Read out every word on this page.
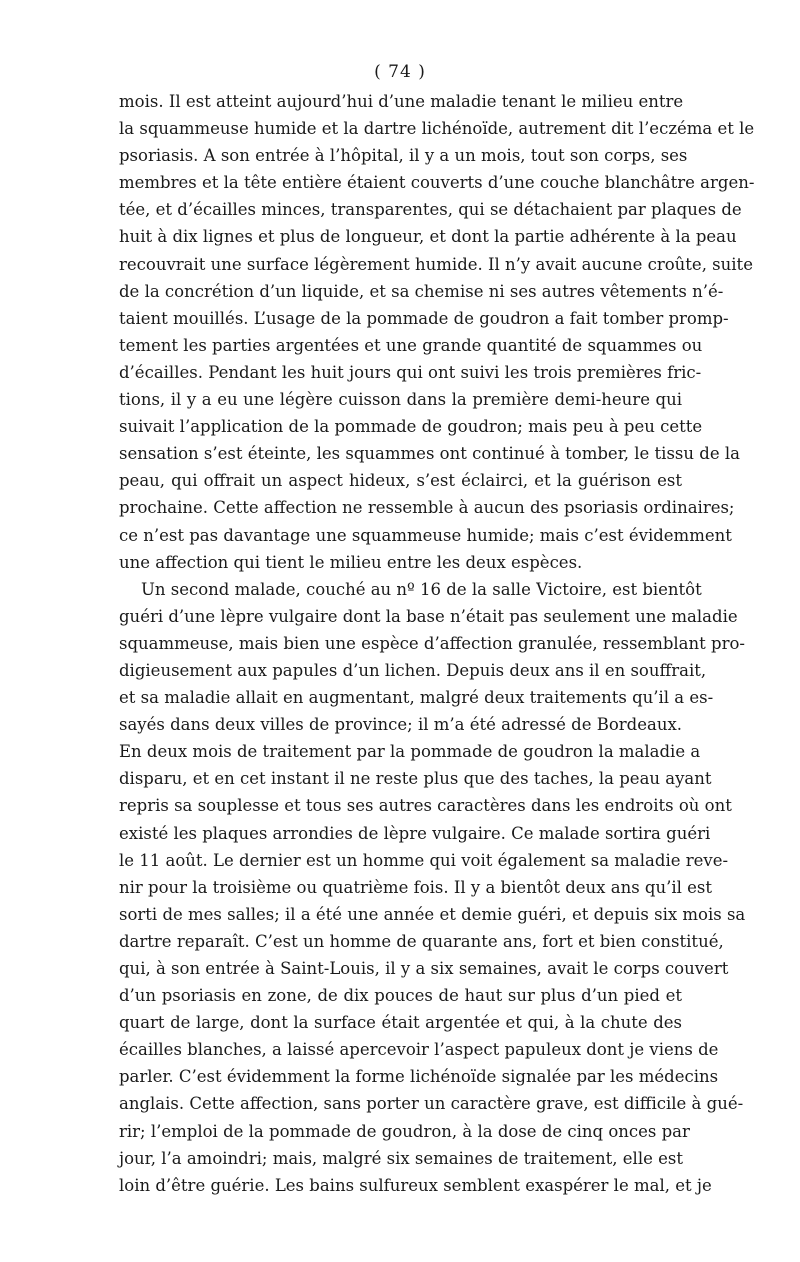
( 74 )
mois. Il est atteint aujourd’hui d’une maladie tenant le milieu entre
la squammeuse humide et la dartre lichénoïde, autrement dit l’eczéma et le
psoriasis. A son entrée à l’hôpital, il y a un mois, tout son corps, ses
membres et la tête entière étaient couverts d’une couche blanchâtre argen-
tée, et d’écailles minces, transparentes, qui se détachaient par plaques de
huit à dix lignes et plus de longueur, et dont la partie adhérente à la peau
recouvrait une surface légèrement humide. Il n’y avait aucune croûte, suite
de la concrétion d’un liquide, et sa chemise ni ses autres vêtements n’é-
taient mouillés. L’usage de la pommade de goudron a fait tomber promp-
tement les parties argentées et une grande quantité de squammes ou
d’écailles. Pendant les huit jours qui ont suivi les trois premières fric-
tions, il y a eu une légère cuisson dans la première demi-heure qui
suivait l’application de la pommade de goudron; mais peu à peu cette
sensation s’est éteinte, les squammes ont continué à tomber, le tissu de la
peau, qui offrait un aspect hideux, s’est éclairci, et la guérison est
prochaine. Cette affection ne ressemble à aucun des psoriasis ordinaires;
ce n’est pas davantage une squammeuse humide; mais c’est évidemment
une affection qui tient le milieu entre les deux espèces.
Un second malade, couché au nº 16 de la salle Victoire, est bientôt
guéri d’une lèpre vulgaire dont la base n’était pas seulement une maladie
squammeuse, mais bien une espèce d’affection granulée, ressemblant pro-
digieusement aux papules d’un lichen. Depuis deux ans il en souffrait,
et sa maladie allait en augmentant, malgré deux traitements qu’il a es-
sayés dans deux villes de province; il m’a été adressé de Bordeaux.
En deux mois de traitement par la pommade de goudron la maladie a
disparu, et en cet instant il ne reste plus que des taches, la peau ayant
repris sa souplesse et tous ses autres caractères dans les endroits où ont
existé les plaques arrondies de lèpre vulgaire. Ce malade sortira guéri
le 11 août. Le dernier est un homme qui voit également sa maladie reve-
nir pour la troisième ou quatrième fois. Il y a bientôt deux ans qu’il est
sorti de mes salles; il a été une année et demie guéri, et depuis six mois sa
dartre reparaît. C’est un homme de quarante ans, fort et bien constitué,
qui, à son entrée à Saint-Louis, il y a six semaines, avait le corps couvert
d’un psoriasis en zone, de dix pouces de haut sur plus d’un pied et
quart de large, dont la surface était argentée et qui, à la chute des
écailles blanches, a laissé apercevoir l’aspect papuleux dont je viens de
parler. C’est évidemment la forme lichénoïde signalée par les médecins
anglais. Cette affection, sans porter un caractère grave, est difficile à gué-
rir; l’emploi de la pommade de goudron, à la dose de cinq onces par
jour, l’a amoindri; mais, malgré six semaines de traitement, elle est
loin d’être guérie. Les bains sulfureux semblent exaspérer le mal, et je
